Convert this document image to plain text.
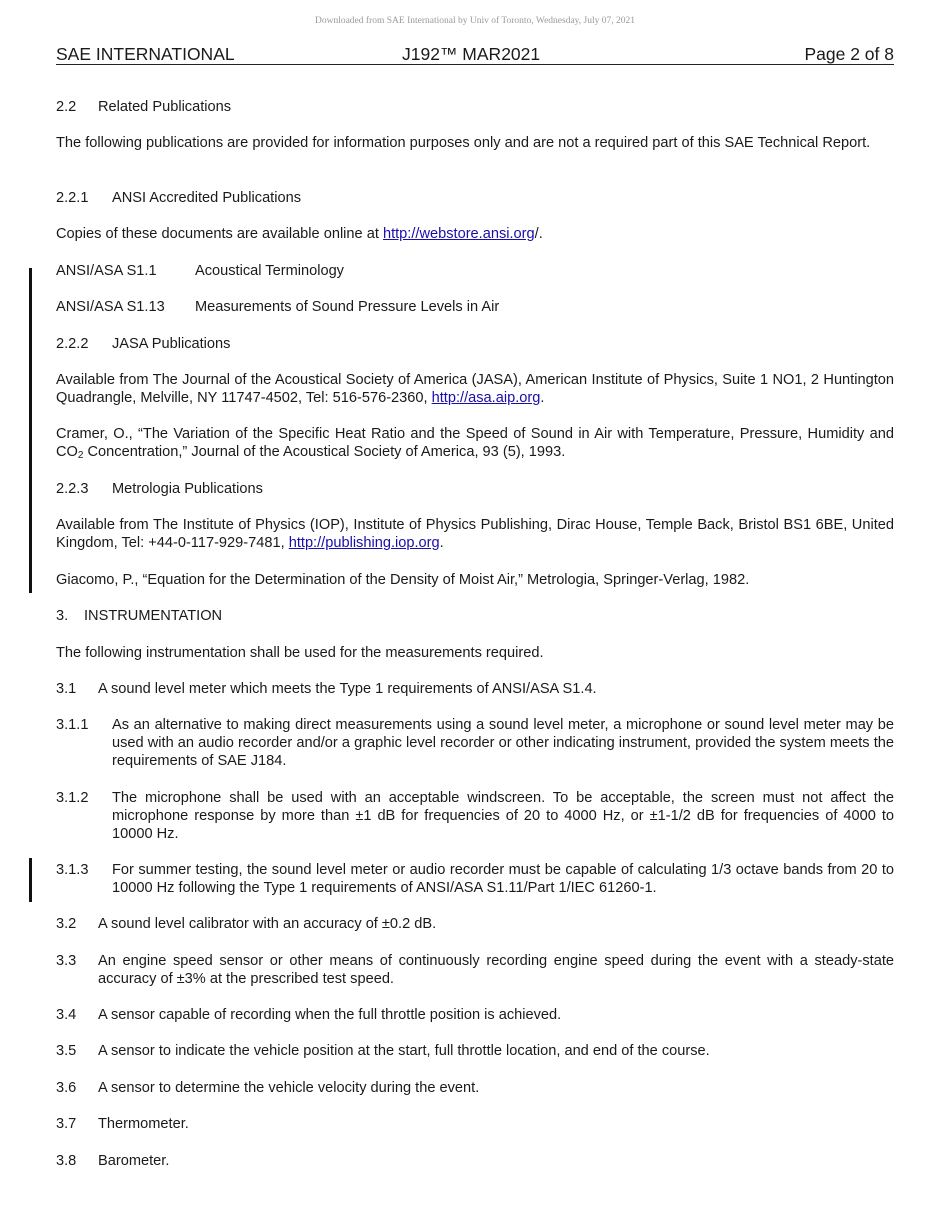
Downloaded from SAE International by Univ of Toronto, Wednesday, July 07, 2021
SAE INTERNATIONAL	J192™ MAR2021	Page 2 of 8
2.2 Related Publications
The following publications are provided for information purposes only and are not a required part of this SAE Technical Report.
2.2.1 ANSI Accredited Publications
Copies of these documents are available online at http://webstore.ansi.org/.
ANSI/ASA S1.1	Acoustical Terminology
ANSI/ASA S1.13 Measurements of Sound Pressure Levels in Air
2.2.2 JASA Publications
Available from The Journal of the Acoustical Society of America (JASA), American Institute of Physics, Suite 1 NO1, 2 Huntington Quadrangle, Melville, NY 11747-4502, Tel: 516-576-2360, http://asa.aip.org.
Cramer, O., “The Variation of the Specific Heat Ratio and the Speed of Sound in Air with Temperature, Pressure, Humidity and $CO_2$ Concentration,” Journal of the Acoustical Society of America, 93 (5), 1993.
2.2.3 Metrologia Publications
Available from The Institute of Physics (IOP), Institute of Physics Publishing, Dirac House, Temple Back, Bristol BS1 6BE, United Kingdom, Tel: +44-0-117-929-7481, http://publishing.iop.org.
Giacomo, P., “Equation for the Determination of the Density of Moist Air,” Metrologia, Springer-Verlag, 1982.
3. INSTRUMENTATION
The following instrumentation shall be used for the measurements required.
3.1 A sound level meter which meets the Type 1 requirements of ANSI/ASA S1.4.
3.1.1 As an alternative to making direct measurements using a sound level meter, a microphone or sound level meter may be used with an audio recorder and/or a graphic level recorder or other indicating instrument, provided the system meets the requirements of SAE J184.
3.1.2 The microphone shall be used with an acceptable windscreen. To be acceptable, the screen must not affect the microphone response by more than ±1 dB for frequencies of 20 to 4000 Hz, or ±1-1/2 dB for frequencies of 4000 to 10000 Hz.
3.1.3 For summer testing, the sound level meter or audio recorder must be capable of calculating 1/3 octave bands from 20 to 10000 Hz following the Type 1 requirements of ANSI/ASA S1.11/Part 1/IEC 61260-1.
3.2 A sound level calibrator with an accuracy of ±0.2 dB.
3.3 An engine speed sensor or other means of continuously recording engine speed during the event with a steady-state accuracy of ±3% at the prescribed test speed.
3.4 A sensor capable of recording when the full throttle position is achieved.
3.5 A sensor to indicate the vehicle position at the start, full throttle location, and end of the course.
3.6 A sensor to determine the vehicle velocity during the event.
3.7 Thermometer.
3.8 Barometer.
